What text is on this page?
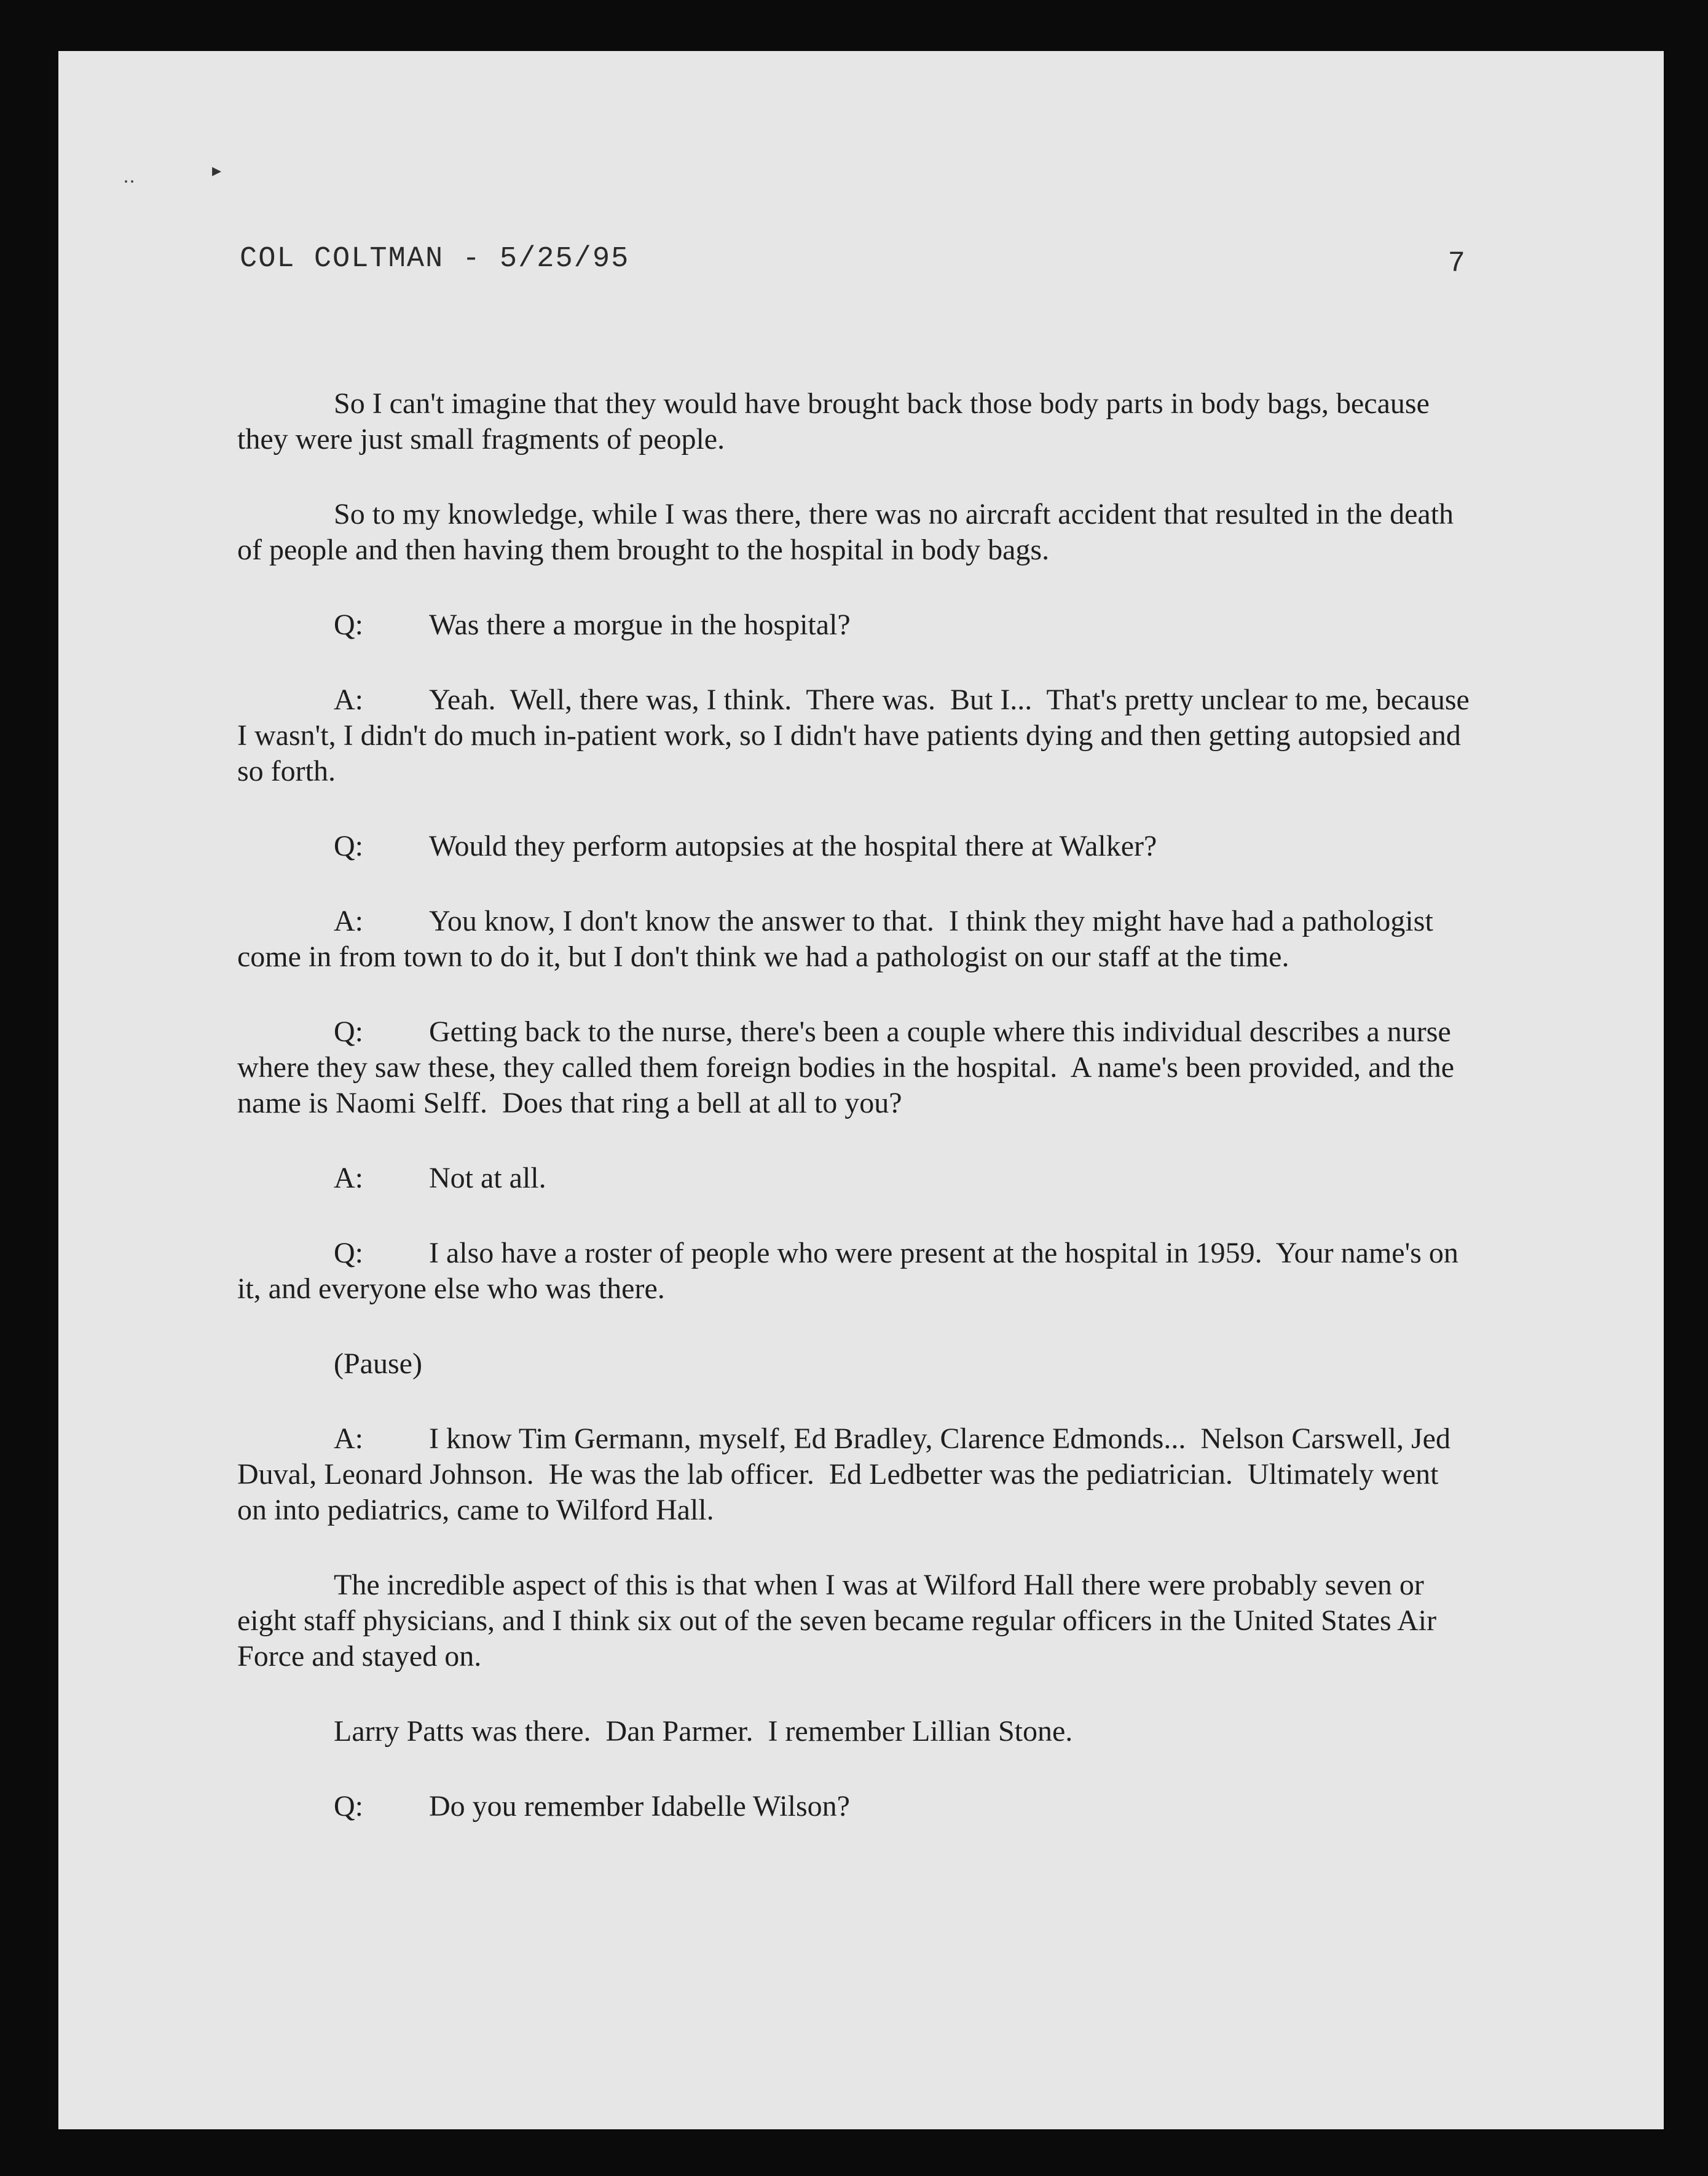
‥	▸
COL COLTMAN - 5/25/95	7

So I can't imagine that they would have brought back those body parts in body bags, because they were just small fragments of people.

So to my knowledge, while I was there, there was no aircraft accident that resulted in the death of people and then having them brought to the hospital in body bags.

Q: Was there a morgue in the hospital?

A: Yeah.  Well, there was, I think.  There was.  But I...  That's pretty unclear to me, because I wasn't, I didn't do much in-patient work, so I didn't have patients dying and then getting autopsied and so forth.

Q: Would they perform autopsies at the hospital there at Walker?

A: You know, I don't know the answer to that.  I think they might have had a pathologist come in from town to do it, but I don't think we had a pathologist on our staff at the time.

Q: Getting back to the nurse, there's been a couple where this individual describes a nurse where they saw these, they called them foreign bodies in the hospital.  A name's been provided, and the name is Naomi Selff.  Does that ring a bell at all to you?

A: Not at all.

Q: I also have a roster of people who were present at the hospital in 1959.  Your name's on it, and everyone else who was there.

(Pause)

A: I know Tim Germann, myself, Ed Bradley, Clarence Edmonds...  Nelson Carswell, Jed Duval, Leonard Johnson.  He was the lab officer.  Ed Ledbetter was the pediatrician.  Ultimately went on into pediatrics, came to Wilford Hall.

The incredible aspect of this is that when I was at Wilford Hall there were probably seven or eight staff physicians, and I think six out of the seven became regular officers in the United States Air Force and stayed on.

Larry Patts was there.  Dan Parmer.  I remember Lillian Stone.

Q: Do you remember Idabelle Wilson?
